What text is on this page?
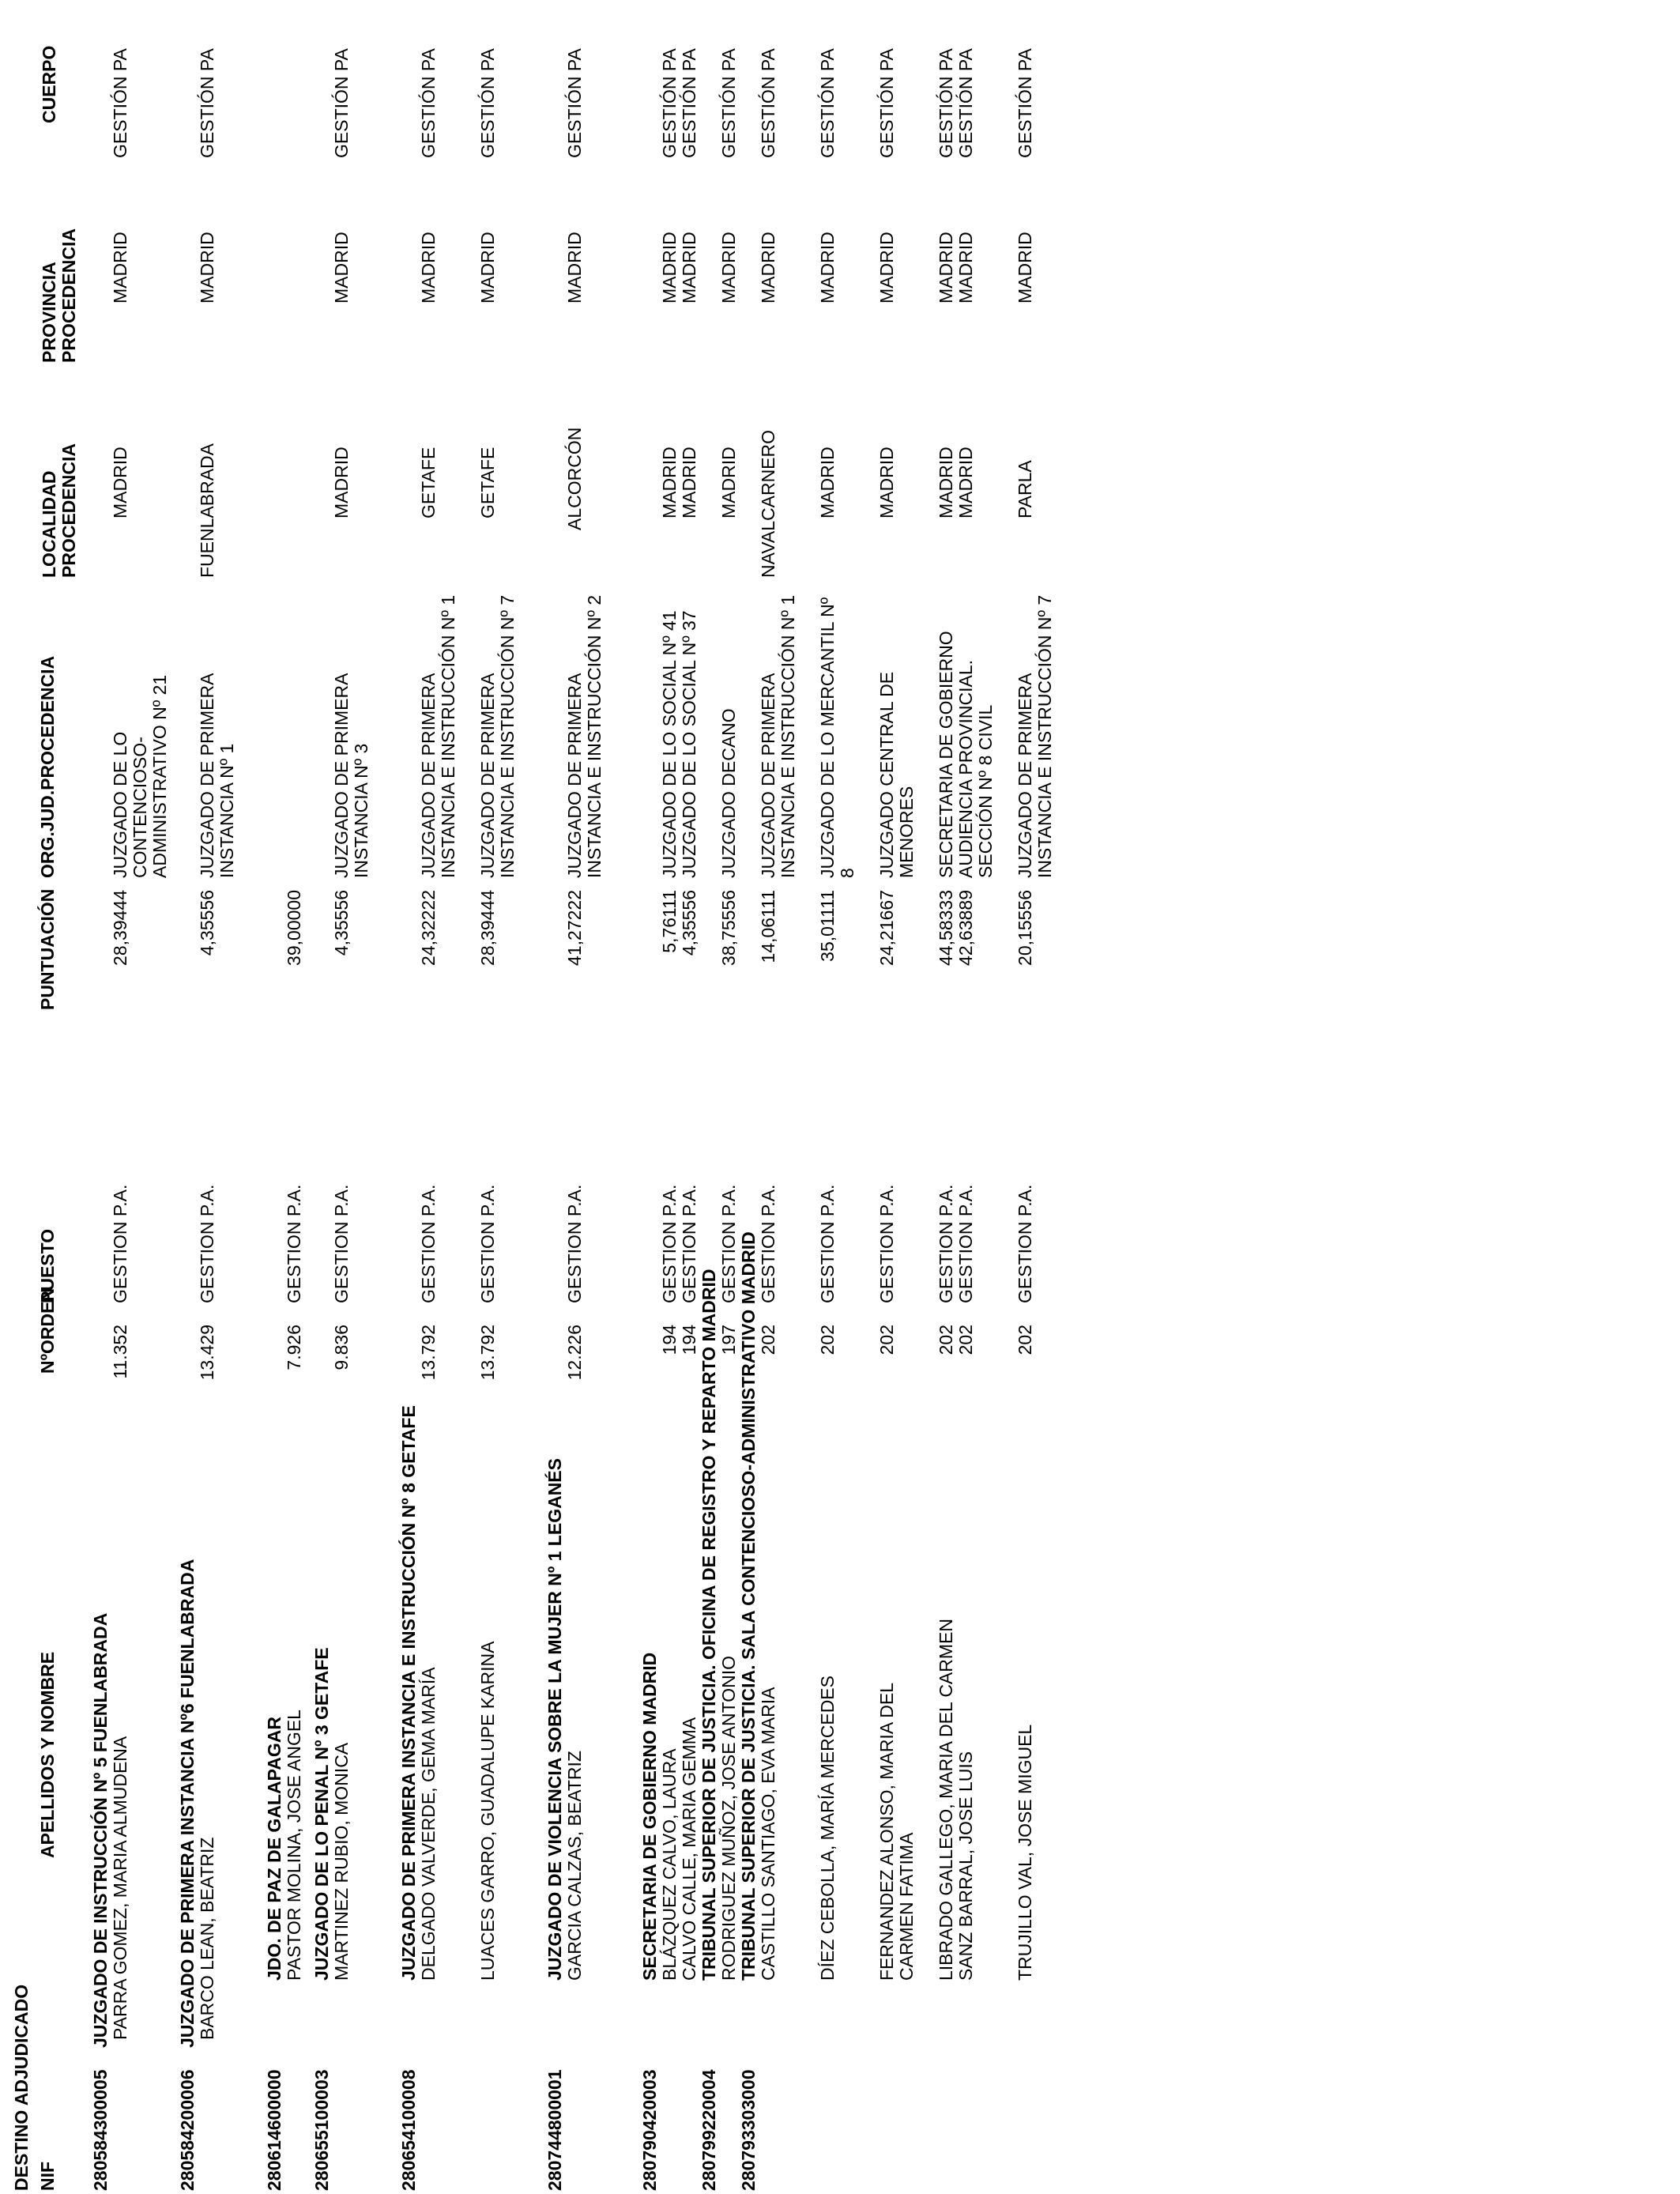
DESTINO ADJUDICADO NIF
APELLIDOS Y NOMBRE
NºORDEN
PUESTO
PUNTUACIÓN
ORG.JUD.PROCEDENCIA
LOCALIDAD PROCEDENCIA
PROVINCIA PROCEDENCIA
CUERPO
280584300005
JUZGADO DE INSTRUCCIÓN Nº 5 FUENLABRADA PARRA GOMEZ, MARIA ALMUDENA
11.352
GESTION P.A.
28,39444
JUZGADO DE LO CONTENCIOSO- ADMINISTRATIVO Nº 21
MADRID
MADRID
GESTIÓN PA
280584200006
JUZGADO DE PRIMERA INSTANCIA Nº6 FUENLABRADA BARCO LEAN, BEATRIZ
13.429
GESTION P.A.
4,35556
JUZGADO DE PRIMERA INSTANCIA Nº 1
FUENLABRADA
MADRID
GESTIÓN PA
280614600000
JDO. DE PAZ DE GALAPAGAR PASTOR MOLINA, JOSE ANGEL
7.926
GESTION P.A.
39,00000
280655100003
JUZGADO DE LO PENAL Nº 3 GETAFE MARTINEZ RUBIO, MONICA
9.836
GESTION P.A.
4,35556
JUZGADO DE PRIMERA INSTANCIA Nº 3
MADRID
MADRID
GESTIÓN PA
280654100008
JUZGADO DE PRIMERA INSTANCIA E INSTRUCCIÓN Nº 8 GETAFE DELGADO VALVERDE, GEMA MARÍA
13.792
GESTION P.A.
24,32222
JUZGADO DE PRIMERA INSTANCIA E INSTRUCCIÓN Nº 1
GETAFE
MADRID
GESTIÓN PA
LUACES GARRO, GUADALUPE KARINA
13.792
GESTION P.A.
28,39444
JUZGADO DE PRIMERA INSTANCIA E INSTRUCCIÓN Nº 7
GETAFE
MADRID
GESTIÓN PA
280744800001
JUZGADO DE VIOLENCIA SOBRE LA MUJER Nº 1 LEGANÉS GARCIA CALZAS, BEATRIZ
12.226
GESTION P.A.
41,27222
JUZGADO DE PRIMERA INSTANCIA E INSTRUCCIÓN Nº 2
ALCORCÓN
MADRID
GESTIÓN PA
280790420003
SECRETARIA DE GOBIERNO MADRID BLÁZQUEZ CALVO, LAURA
194
GESTION P.A.
5,76111
JUZGADO DE LO SOCIAL Nº 41
MADRID
MADRID
GESTIÓN PA
CALVO CALLE, MARIA GEMMA
194
GESTION P.A.
4,35556
JUZGADO DE LO SOCIAL Nº 37
MADRID
MADRID
GESTIÓN PA
280799220004
TRIBUNAL SUPERIOR DE JUSTICIA. OFICINA DE REGISTRO Y REPARTO MADRID RODRIGUEZ MUÑOZ, JOSE ANTONIO
197
GESTION P.A.
38,75556
JUZGADO DECANO
MADRID
MADRID
GESTIÓN PA
280793303000
TRIBUNAL SUPERIOR DE JUSTICIA. SALA CONTENCIOSO-ADMINISTRATIVO MADRID CASTILLO SANTIAGO, EVA MARIA
202
GESTION P.A.
14,06111
JUZGADO DE PRIMERA INSTANCIA E INSTRUCCIÓN Nº 1
NAVALCARNERO
MADRID
GESTIÓN PA
DÍEZ CEBOLLA, MARÍA MERCEDES
202
GESTION P.A.
35,01111
JUZGADO DE LO MERCANTIL Nº 8
MADRID
MADRID
GESTIÓN PA
FERNANDEZ ALONSO, MARIA DEL CARMEN FATIMA
202
GESTION P.A.
24,21667
JUZGADO CENTRAL DE MENORES
MADRID
MADRID
GESTIÓN PA
LIBRADO GALLEGO, MARIA DEL CARMEN
202
GESTION P.A.
44,58333
SECRETARIA DE GOBIERNO
MADRID
MADRID
GESTIÓN PA
SANZ BARRAL, JOSE LUIS
202
GESTION P.A.
42,63889
AUDIENCIA PROVINCIAL. SECCIÓN Nº 8 CIVIL
MADRID
MADRID
GESTIÓN PA
TRUJILLO VAL, JOSE MIGUEL
202
GESTION P.A.
20,15556
JUZGADO DE PRIMERA INSTANCIA E INSTRUCCIÓN Nº 7
PARLA
MADRID
GESTIÓN PA
